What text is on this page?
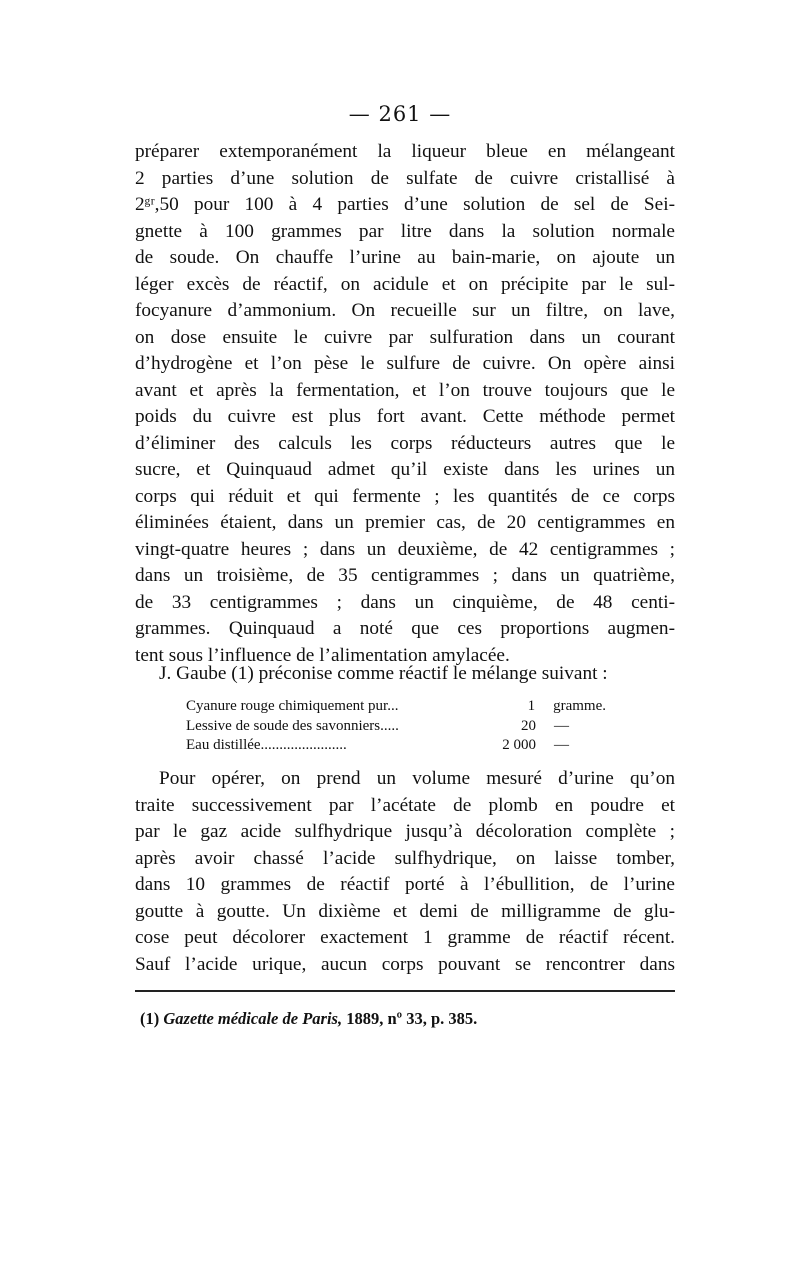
— 261 —
préparer extemporanément la liqueur bleue en mélangeant
2 parties d’une solution de sulfate de cuivre cristallisé à
2ᵍʳ,50 pour 100 à 4 parties d’une solution de sel de Sei-
gnette à 100 grammes par litre dans la solution normale
de soude. On chauffe l’urine au bain-marie, on ajoute un
léger excès de réactif, on acidule et on précipite par le sul-
focyanure d’ammonium. On recueille sur un filtre, on lave,
on dose ensuite le cuivre par sulfuration dans un courant
d’hydrogène et l’on pèse le sulfure de cuivre. On opère ainsi
avant et après la fermentation, et l’on trouve toujours que le
poids du cuivre est plus fort avant. Cette méthode permet
d’éliminer des calculs les corps réducteurs autres que le
sucre, et Quinquaud admet qu’il existe dans les urines un
corps qui réduit et qui fermente ; les quantités de ce corps
éliminées étaient, dans un premier cas, de 20 centigrammes en
vingt-quatre heures ; dans un deuxième, de 42 centigrammes ;
dans un troisième, de 35 centigrammes ; dans un quatrième,
de 33 centigrammes ; dans un cinquième, de 48 centi-
grammes. Quinquaud a noté que ces proportions augmen-
tent sous l’influence de l’alimentation amylacée.
J. Gaube (1) préconise comme réactif le mélange suivant :
Cyanure rouge chimiquement pur...	1	gramme.
Lessive de soude des savonniers.....	20	—
Eau distillée.......................	2 000	—
Pour opérer, on prend un volume mesuré d’urine qu’on
traite successivement par l’acétate de plomb en poudre et
par le gaz acide sulfhydrique jusqu’à décoloration complète ;
après avoir chassé l’acide sulfhydrique, on laisse tomber,
dans 10 grammes de réactif porté à l’ébullition, de l’urine
goutte à goutte. Un dixième et demi de milligramme de glu-
cose peut décolorer exactement 1 gramme de réactif récent.
Sauf l’acide urique, aucun corps pouvant se rencontrer dans
(1) Gazette médicale de Paris, 1889, nº 33, p. 385.
